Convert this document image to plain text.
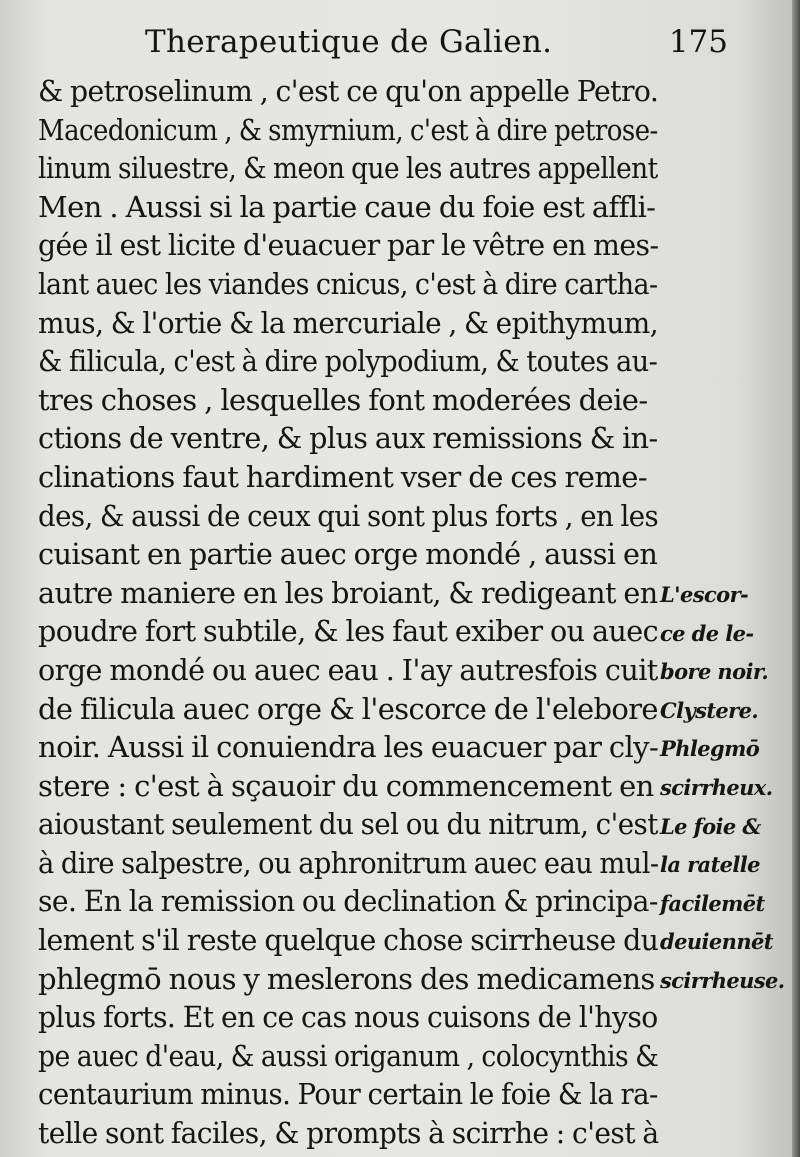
Therapeutique de Galien.	175
& petroselinum , c'est ce qu'on appelle Petro.
Macedonicum , & smyrnium, c'est à dire petrose-
linum siluestre, & meon que les autres appellent
Men . Aussi si la partie caue du foie est affli-
gée il est licite d'euacuer par le vêtre en mes-
lant auec les viandes cnicus, c'est à dire cartha-
mus, & l'ortie & la mercuriale , & epithymum,
& filicula, c'est à dire polypodium, & toutes au-
tres choses , lesquelles font moderées deie-
ctions de ventre, & plus aux remissions & in-
clinations faut hardiment vser de ces reme-
des, & aussi de ceux qui sont plus forts , en les
cuisant en partie auec orge mondé , aussi en
autre maniere en les broiant, & redigeant en
poudre fort subtile, & les faut exiber ou auec
orge mondé ou auec eau . I'ay autresfois cuit
de filicula auec orge & l'escorce de l'elebore
noir. Aussi il conuiendra les euacuer par cly-
stere : c'est à sçauoir du commencement en
aioustant seulement du sel ou du nitrum, c'est
à dire salpestre, ou aphronitrum auec eau mul-
se. En la remission ou declination & principa-
lement s'il reste quelque chose scirrheuse du
phlegmō nous y meslerons des medicamens
plus forts. Et en ce cas nous cuisons de l'hyso
pe auec d'eau, & aussi origanum , colocynthis &
centaurium minus. Pour certain le foie & la ra-
telle sont faciles, & prompts à scirrhe : c'est à
L'escor-
ce de le-
bore noir.
Clystere.
Phlegmō
scirrheux.
Le foie &
la ratelle
facilemēt
deuiennēt
scirrheuse.
